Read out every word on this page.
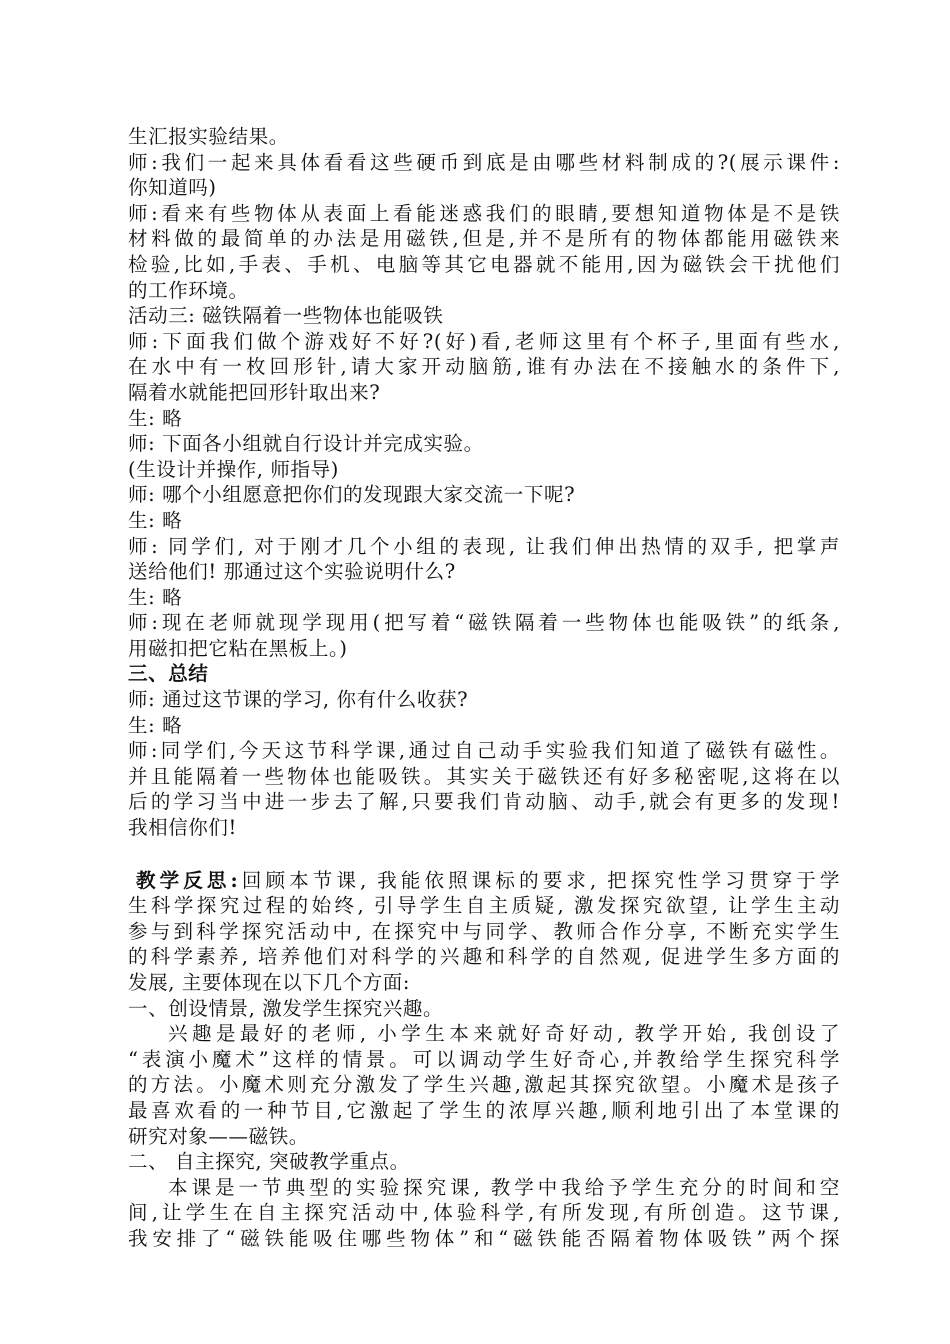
生汇报实验结果。
师:我们一起来具体看看这些硬币到底是由哪些材料制成的?(展示课件:
你知道吗)
师:看来有些物体从表面上看能迷惑我们的眼睛,要想知道物体是不是铁
材料做的最简单的办法是用磁铁,但是,并不是所有的物体都能用磁铁来
检验,比如,手表、手机、电脑等其它电器就不能用,因为磁铁会干扰他们
的工作环境。
活动三: 磁铁隔着一些物体也能吸铁
师:下面我们做个游戏好不好?(好)看,老师这里有个杯子,里面有些水,
在水中有一枚回形针,请大家开动脑筋,谁有办法在不接触水的条件下,
隔着水就能把回形针取出来?
生: 略
师: 下面各小组就自行设计并完成实验。
(生设计并操作, 师指导)
师: 哪个小组愿意把你们的发现跟大家交流一下呢?
生: 略
师: 同学们, 对于刚才几个小组的表现, 让我们伸出热情的双手, 把掌声
送给他们! 那通过这个实验说明什么?
生: 略
师:现在老师就现学现用(把写着“磁铁隔着一些物体也能吸铁”的纸条,
用磁扣把它粘在黑板上。)
三、总结
师: 通过这节课的学习, 你有什么收获?
生: 略
师:同学们,今天这节科学课,通过自己动手实验我们知道了磁铁有磁性。
并且能隔着一些物体也能吸铁。其实关于磁铁还有好多秘密呢,这将在以
后的学习当中进一步去了解,只要我们肯动脑、动手,就会有更多的发现!
我相信你们!
教学反思:回顾本节课, 我能依照课标的要求, 把探究性学习贯穿于学
生科学探究过程的始终, 引导学生自主质疑, 激发探究欲望, 让学生主动
参与到科学探究活动中, 在探究中与同学、教师合作分享, 不断充实学生
的科学素养, 培养他们对科学的兴趣和科学的自然观, 促进学生多方面的
发展, 主要体现在以下几个方面:
一、创设情景, 激发学生探究兴趣。
兴趣是最好的老师, 小学生本来就好奇好动, 教学开始, 我创设了
“表演小魔术”这样的情景。可以调动学生好奇心,并教给学生探究科学
的方法。小魔术则充分激发了学生兴趣,激起其探究欲望。小魔术是孩子
最喜欢看的一种节目,它激起了学生的浓厚兴趣,顺利地引出了本堂课的
研究对象——磁铁。
二、 自主探究, 突破教学重点。
本课是一节典型的实验探究课, 教学中我给予学生充分的时间和空
间,让学生在自主探究活动中,体验科学,有所发现,有所创造。这节课,
我安排了“磁铁能吸住哪些物体”和“磁铁能否隔着物体吸铁”两个探
